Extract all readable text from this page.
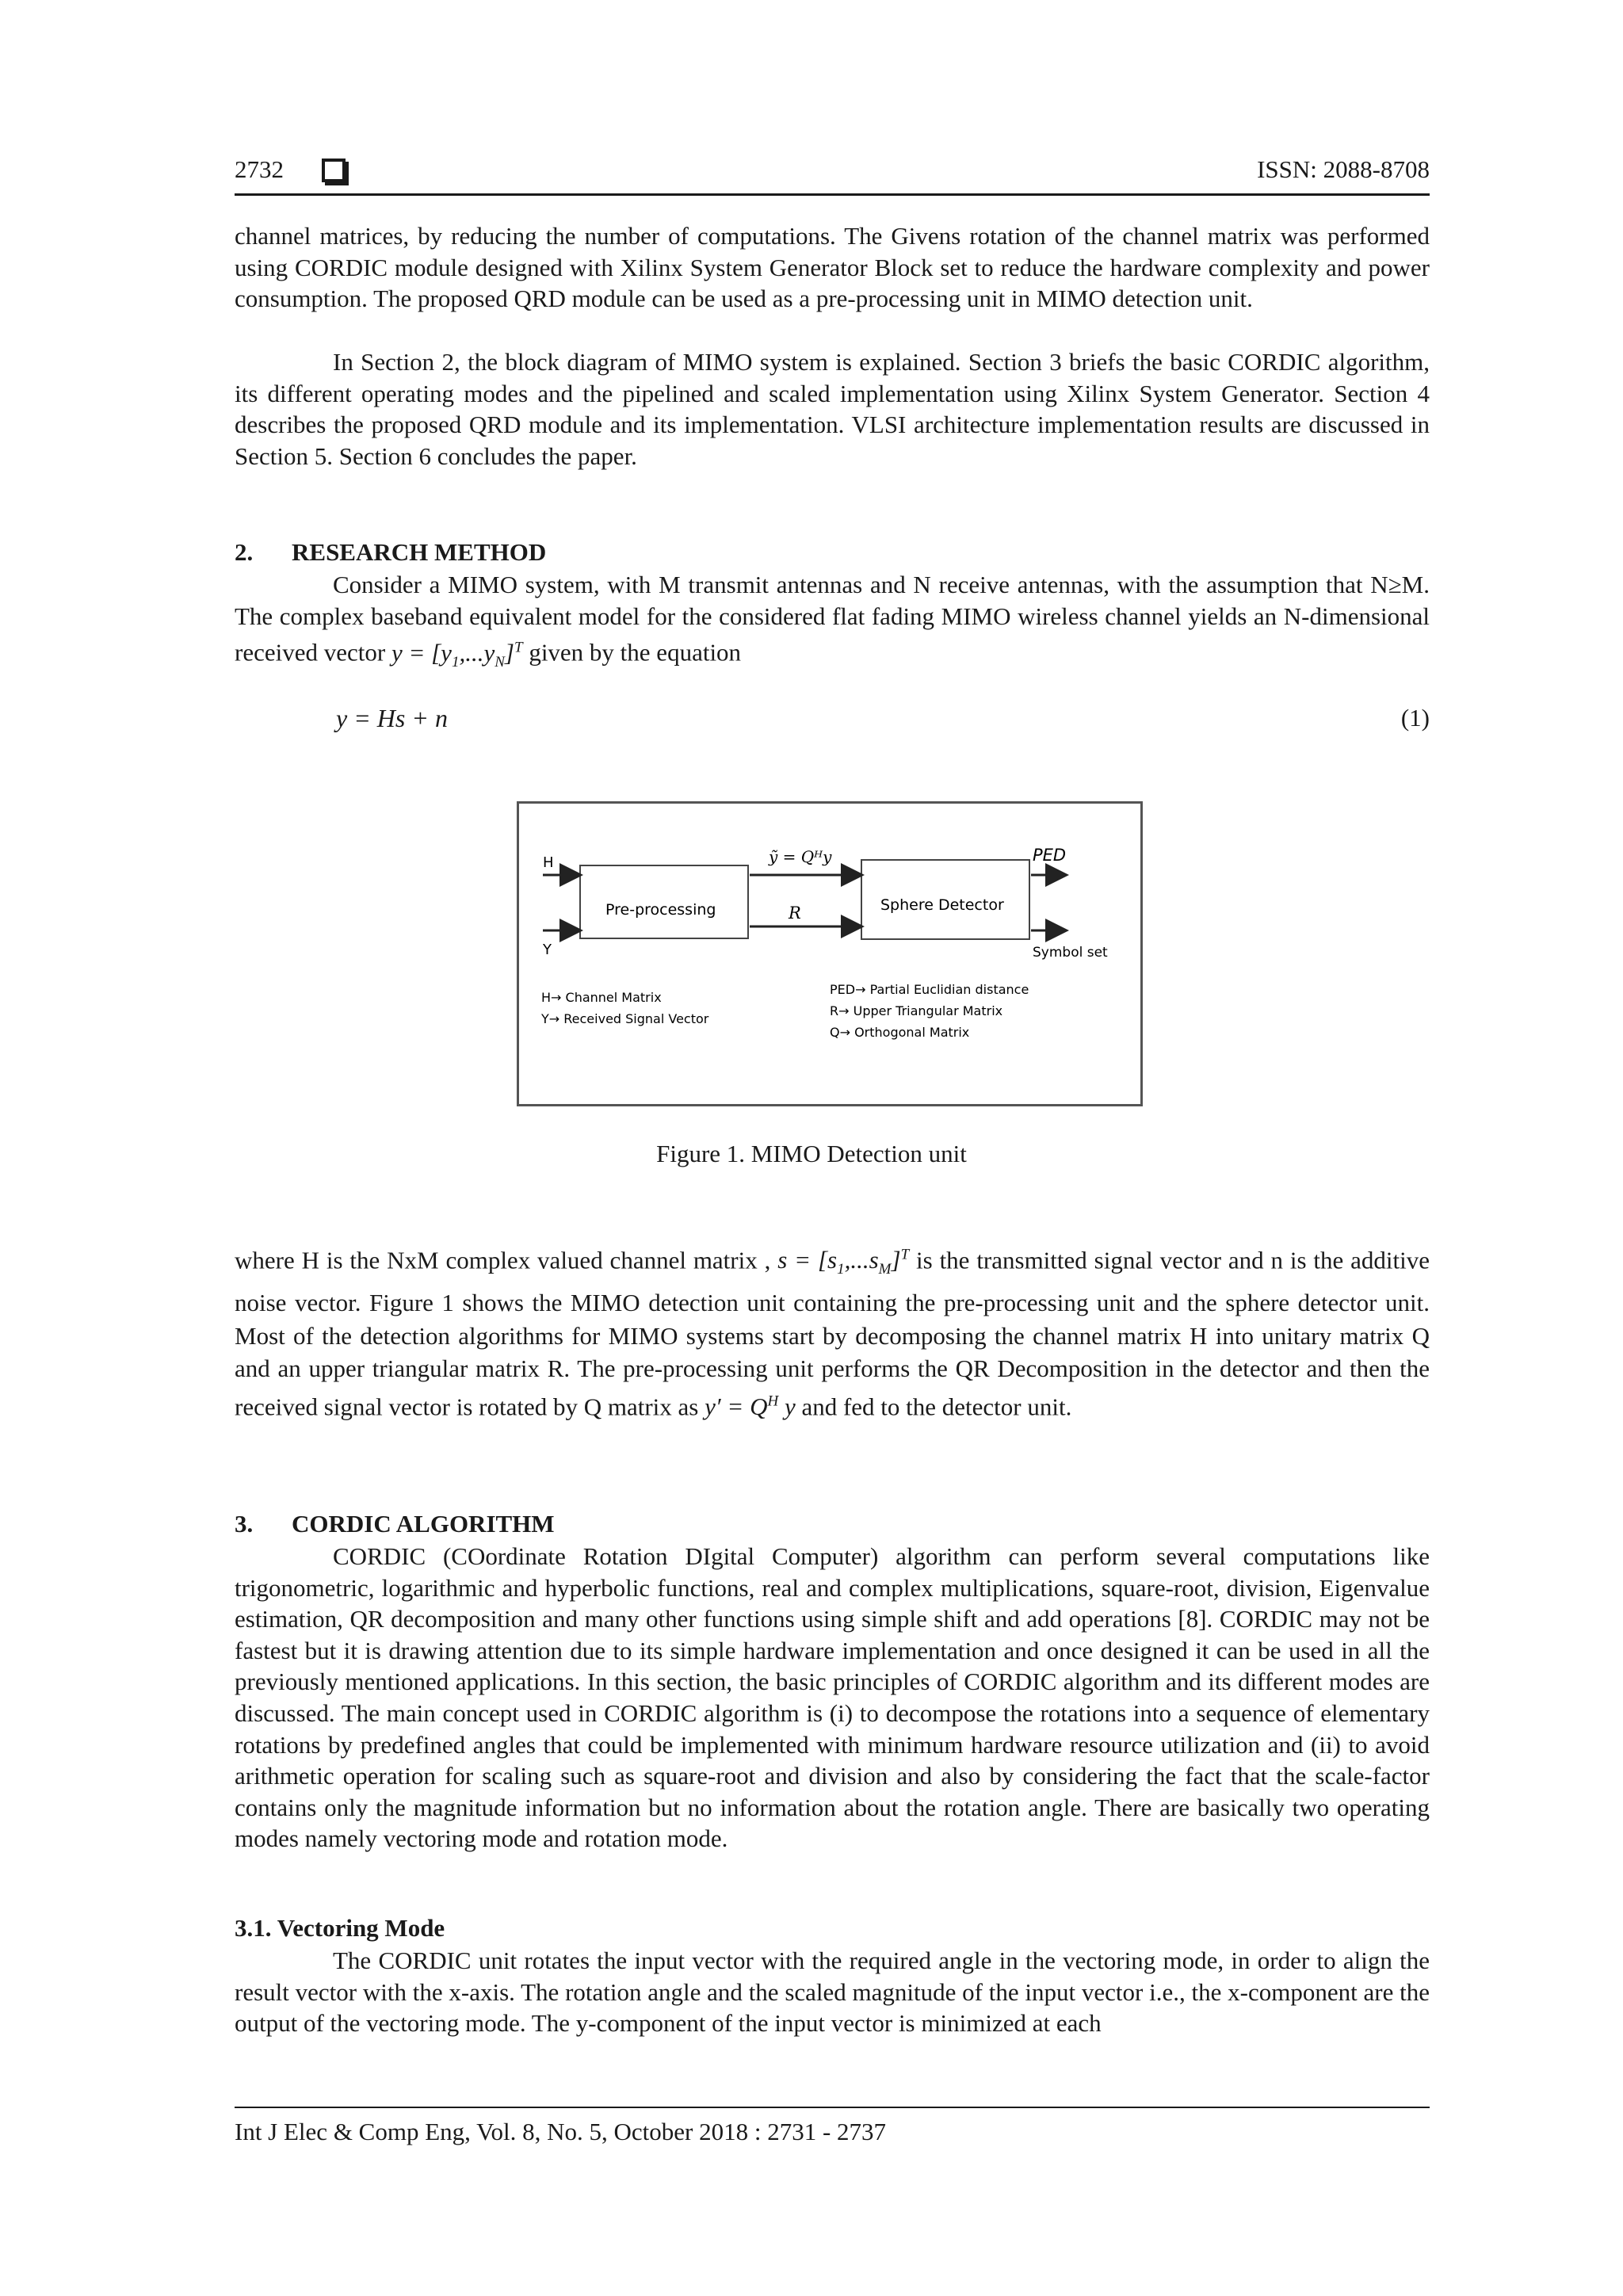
2732	ISSN: 2088-8708

channel matrices, by reducing the number of computations. The Givens rotation of the channel matrix was performed using CORDIC module designed with Xilinx System Generator Block set to reduce the hardware complexity and power consumption. The proposed QRD module can be used as a pre-processing unit in MIMO detection unit.

In Section 2, the block diagram of MIMO system is explained. Section 3 briefs the basic CORDIC algorithm, its different operating modes and the pipelined and scaled implementation using Xilinx System Generator. Section 4 describes the proposed QRD module and its implementation. VLSI architecture implementation results are discussed in Section 5. Section 6 concludes the paper.

2. RESEARCH METHOD

Consider a MIMO system, with M transmit antennas and N receive antennas, with the assumption that N≥M. The complex baseband equivalent model for the considered flat fading MIMO wireless channel yields an N-dimensional received vector $y = [y_1,...y_N]^T$ given by the equation

y = Hs + n	(1)
H
Y
Pre-processing	Sphere Detector
ỹ = Qᴴy
R
PED
Symbol set
H→ Channel Matrix
Y→ Received Signal Vector
PED→ Partial Euclidian distance
R→ Upper Triangular Matrix
Q→ Orthogonal Matrix
Figure 1. MIMO Detection unit

where H is the NxM complex valued channel matrix , $s = [s_1,...s_M]^T$ is the transmitted signal vector and n is the additive noise vector. Figure 1 shows the MIMO detection unit containing the pre-processing unit and the sphere detector unit. Most of the detection algorithms for MIMO systems start by decomposing the channel matrix H into unitary matrix Q and an upper triangular matrix R. The pre-processing unit performs the QR Decomposition in the detector and then the received signal vector is rotated by Q matrix as $y' = Q^H$ y and fed to the detector unit.

3. CORDIC ALGORITHM

CORDIC (COordinate Rotation DIgital Computer) algorithm can perform several computations like trigonometric, logarithmic and hyperbolic functions, real and complex multiplications, square-root, division, Eigenvalue estimation, QR decomposition and many other functions using simple shift and add operations [8]. CORDIC may not be fastest but it is drawing attention due to its simple hardware implementation and once designed it can be used in all the previously mentioned applications. In this section, the basic principles of CORDIC algorithm and its different modes are discussed. The main concept used in CORDIC algorithm is (i) to decompose the rotations into a sequence of elementary rotations by predefined angles that could be implemented with minimum hardware resource utilization and (ii) to avoid arithmetic operation for scaling such as square-root and division and also by considering the fact that the scale-factor contains only the magnitude information but no information about the rotation angle. There are basically two operating modes namely vectoring mode and rotation mode.

3.1. Vectoring Mode

The CORDIC unit rotates the input vector with the required angle in the vectoring mode, in order to align the result vector with the x-axis. The rotation angle and the scaled magnitude of the input vector i.e., the x-component are the output of the vectoring mode. The y-component of the input vector is minimized at each

Int J Elec & Comp Eng, Vol. 8, No. 5, October 2018 : 2731 - 2737
